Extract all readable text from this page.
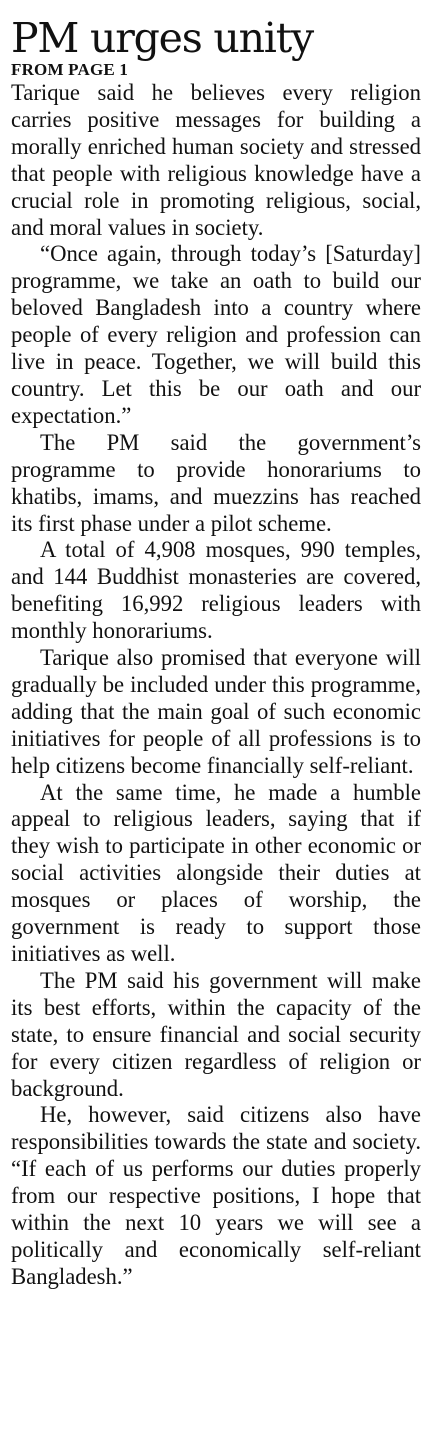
PM urges unity
FROM PAGE 1

Tarique said he believes every religion carries positive messages for building a morally enriched human society and stressed that people with religious knowledge have a crucial role in promoting religious, social, and moral values in society.

“Once again, through today’s [Saturday] programme, we take an oath to build our beloved Bangladesh into a country where people of every religion and profession can live in peace. Together, we will build this country. Let this be our oath and our expectation.”

The PM said the government’s programme to provide honorariums to khatibs, imams, and muezzins has reached its first phase under a pilot scheme.

A total of 4,908 mosques, 990 temples, and 144 Buddhist monasteries are covered, benefiting 16,992 religious leaders with monthly honorariums.

Tarique also promised that everyone will gradually be included under this programme, adding that the main goal of such economic initiatives for people of all professions is to help citizens become financially self-reliant.

At the same time, he made a humble appeal to religious leaders, saying that if they wish to participate in other economic or social activities alongside their duties at mosques or places of worship, the government is ready to support those initiatives as well.

The PM said his government will make its best efforts, within the capacity of the state, to ensure financial and social security for every citizen regardless of religion or background.

He, however, said citizens also have responsibilities towards the state and society. “If each of us performs our duties properly from our respective positions, I hope that within the next 10 years we will see a politically and economically self-reliant Bangladesh.”
